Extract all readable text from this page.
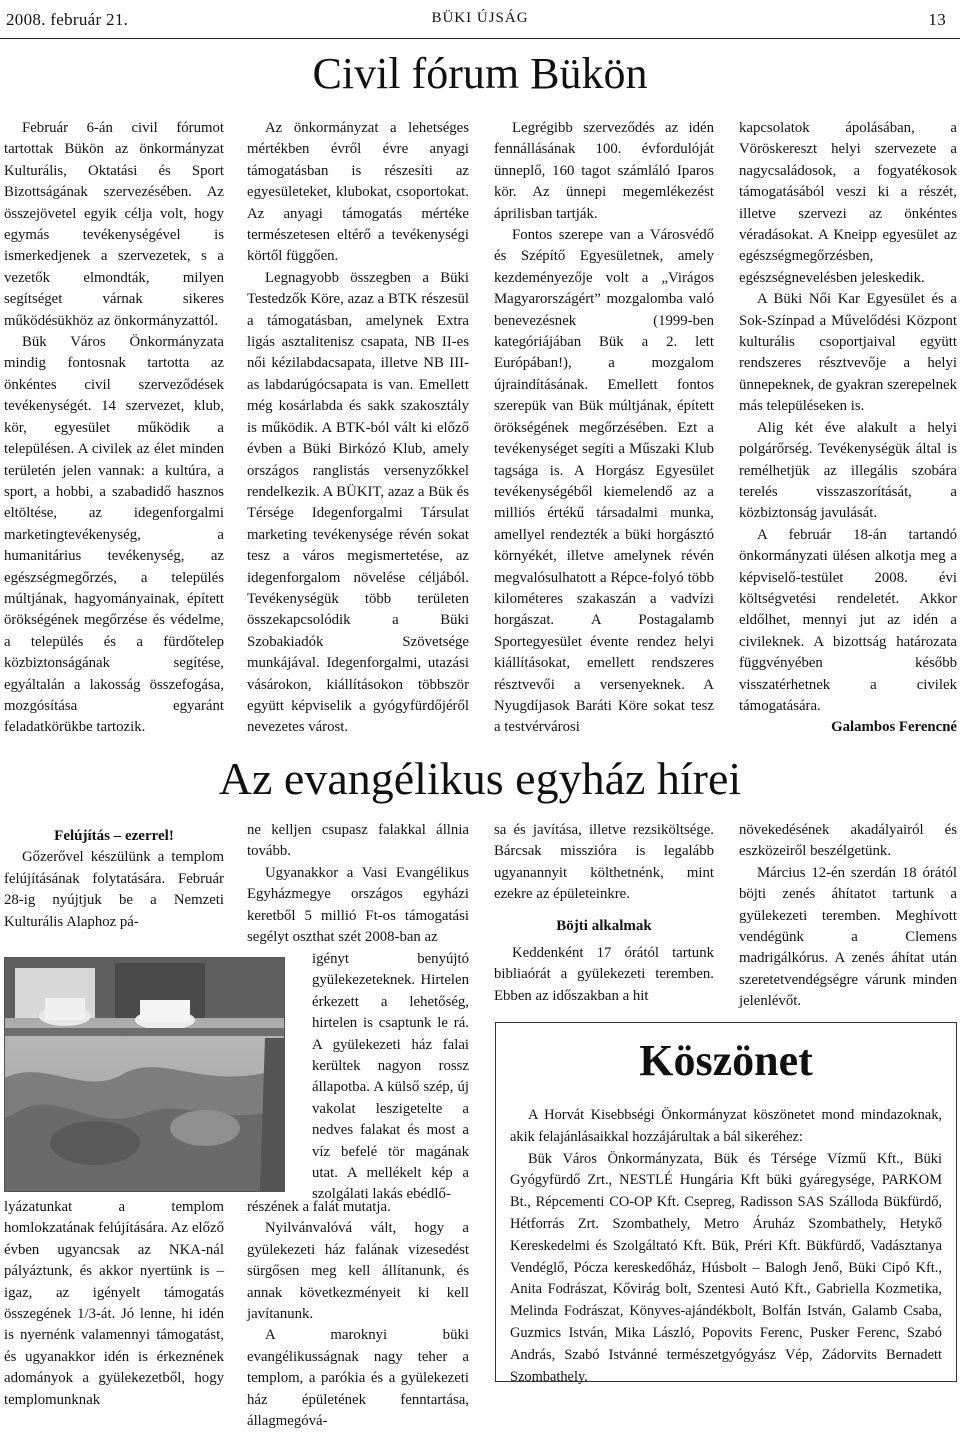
2008. február 21.	BÜKI ÚJSÁG	13
Civil fórum Bükön

Február 6-án civil fórumot tartottak Bükön az önkormányzat Kulturális, Oktatási és Sport Bizottságának szervezésében. Az összejövetel egyik célja volt, hogy egymás tevékenységével is ismerkedjenek a szervezetek, s a vezetők elmondták, milyen segítséget várnak sikeres működésükhöz az önkormányzattól.

Bük Város Önkormányzata mindig fontosnak tartotta az önkéntes civil szerveződések tevékenységét. 14 szervezet, klub, kör, egyesület működik a településen. A civilek az élet minden területén jelen vannak: a kultúra, a sport, a hobbi, a szabadidő hasznos eltöltése, az idegenforgalmi marketingtevékenység, a humanitárius tevékenység, az egészségmegőrzés, a település múltjának, hagyományainak, épített örökségének megőrzése és védelme, a település és a fürdőtelep közbiztonságának segítése, egyáltalán a lakosság összefogása, mozgósítása egyaránt feladatkörükbe tartozik.

Az önkormányzat a lehetséges mértékben évről évre anyagi támogatásban is részesíti az egyesületeket, klubokat, csoportokat. Az anyagi támogatás mértéke természetesen eltérő a tevékenységi körtől függően.

Legnagyobb összegben a Büki Testedzők Köre, azaz a BTK részesül a támogatásban, amelynek Extra ligás asztalitenisz csapata, NB II-es női kézilabdacsapata, illetve NB III-as labdarúgócsapata is van. Emellett még kosárlabda és sakk szakosztály is működik. A BTK-ból vált ki előző évben a Büki Birkózó Klub, amely országos ranglistás versenyzőkkel rendelkezik. A BÜKIT, azaz a Bük és Térsége Idegenforgalmi Társulat marketing tevékenysége révén sokat tesz a város megismertetése, az idegenforgalom növelése céljából. Tevékenységük több területen összekapcsolódik a Büki Szobakiadók Szövetsége munkájával. Idegenforgalmi, utazási vásárokon, kiállításokon többször együtt képviselik a gyógyfürdőjéről nevezetes várost.

Legrégibb szerveződés az idén fennállásának 100. évfordulóját ünneplő, 160 tagot számláló Iparos kör. Az ünnepi megemlékezést áprilisban tartják.

Fontos szerepe van a Városvédő és Szépítő Egyesületnek, amely kezdeményezője volt a „Virágos Magyarországért” mozgalomba való benevezésnek (1999-ben kategóriájában Bük a 2. lett Európában!), a mozgalom újraindításának. Emellett fontos szerepük van Bük múltjának, épített örökségének megőrzésében. Ezt a tevékenységet segíti a Műszaki Klub tagsága is. A Horgász Egyesület tevékenységéből kiemelendő az a milliós értékű társadalmi munka, amellyel rendezték a büki horgásztó környékét, illetve amelynek révén megvalósulhatott a Répce-folyó több kilométeres szakaszán a vadvízi horgászat. A Postagalamb Sportegyesület évente rendez helyi kiállításokat, emellett rendszeres résztvevői a versenyeknek. A Nyugdíjasok Baráti Köre sokat tesz a testvérvárosi

kapcsolatok ápolásában, a Vöröskereszt helyi szervezete a nagycsaládosok, a fogyatékosok támogatásából veszi ki a részét, illetve szervezi az önkéntes véradásokat. A Kneipp egyesület az egészségmegőrzésben, egészségnevelésben jeleskedik.

A Büki Női Kar Egyesület és a Sok-Színpad a Művelődési Központ kulturális csoportjaival együtt rendszeres résztvevője a helyi ünnepeknek, de gyakran szerepelnek más településeken is.

Alig két éve alakult a helyi polgárőrség. Tevékenységük által is remélhetjük az illegális szobára terelés visszaszorítását, a közbiztonság javulását.

A február 18-án tartandó önkormányzati ülésen alkotja meg a képviselő-testület 2008. évi költségvetési rendeletét. Akkor eldőlhet, mennyi jut az idén a civileknek. A bizottság határozata függvényében később visszatérhetnek a civilek támogatására.

Galambos Ferencné
Az evangélikus egyház hírei
Felújítás – ezerrel!

Gőzerővel készülünk a templom felújításának folytatására. Február 28-ig nyújtjuk be a Nemzeti Kulturális Alaphoz pá-

lyázatunkat a templom homlokzatának felújítására. Az előző évben ugyancsak az NKA-nál pályáztunk, és akkor nyertünk is – igaz, az igényelt támogatás összegének 1/3-át. Jó lenne, hi idén is nyernénk valamennyi támogatást, és ugyanakkor idén is érkeznének adományok a gyülekezetből, hogy templomunknak

ne kelljen csupasz falakkal állnia tovább.

Ugyanakkor a Vasi Evangélikus Egyházmegye országos egyházi keretből 5 millió Ft-os támogatási segélyt oszthat szét 2008-ban az

igényt benyújtó gyülekezeteknek. Hirtelen érkezett a lehetőség, hirtelen is csaptunk le rá. A gyülekezeti ház falai kerültek nagyon rossz állapotba. A külső szép, új vakolat leszigetelte a nedves falakat és most a víz befelé tör magának utat. A mellékelt kép a szolgálati lakás ebédlő-

részének a falát mutatja.

Nyilvánvalóvá vált, hogy a gyülekezeti ház falának vizesedést sürgősen meg kell állítanunk, és annak következményeit ki kell javítanunk.

A maroknyi büki evangélikusságnak nagy teher a templom, a parókia és a gyülekezeti ház épületének fenntartása, állagmegóvá-

sa és javítása, illetve rezsiköltsége. Bárcsak misszióra is legalább ugyanannyit költhetnénk, mint ezekre az épületeinkre.

Böjti alkalmak

Keddenként 17 órától tartunk bibliaórát a gyülekezeti teremben. Ebben az időszakban a hit

növekedésének akadályairól és eszközeiről beszélgetünk.

Március 12-én szerdán 18 órától böjti zenés áhítatot tartunk a gyülekezeti teremben. Meghívott vendégünk a Clemens madrigálkórus. A zenés áhítat után szeretetvendégségre várunk minden jelenlévőt.

Köszönet

A Horvát Kisebbségi Önkormányzat köszönetet mond mindazoknak, akik felajánlásaikkal hozzájárultak a bál sikeréhez:

Bük Város Önkormányzata, Bük és Térsége Vízmű Kft., Büki Gyógyfürdő Zrt., NESTLÉ Hungária Kft büki gyáregysége, PARKOM Bt., Répcementi CO-OP Kft. Csepreg, Radisson SAS Szálloda Bükfürdő, Hétforrás Zrt. Szombathely, Metro Áruház Szombathely, Hetykő Kereskedelmi és Szolgáltató Kft. Bük, Préri Kft. Bükfürdő, Vadásztanya Vendéglő, Pócza kereskedőház, Húsbolt – Balogh Jenő, Büki Cipó Kft., Anita Fodrászat, Kővirág bolt, Szentesi Autó Kft., Gabriella Kozmetika, Melinda Fodrászat, Könyves-ajándékbolt, Bolfán István, Galamb Csaba, Guzmics István, Mika László, Popovits Ferenc, Pusker Ferenc, Szabó András, Szabó Istvánné természetgyógyász Vép, Zádorvits Bernadett Szombathely.
